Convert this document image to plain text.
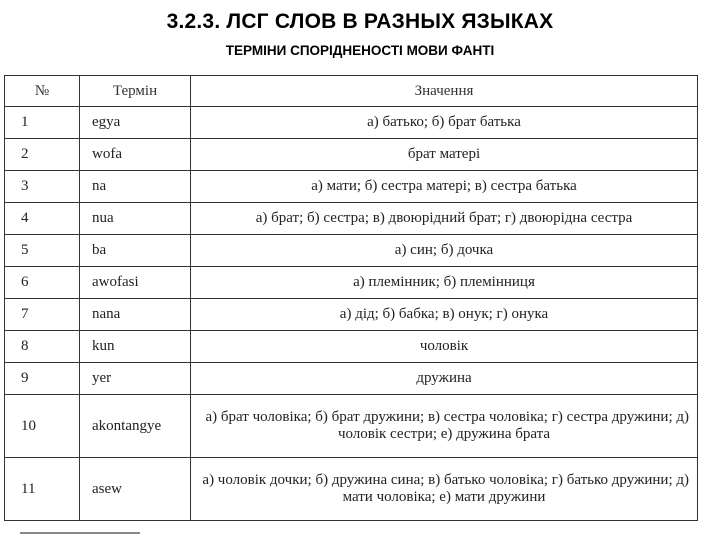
3.2.3. ЛСГ СЛОВ В РАЗНЫХ ЯЗЫКАХ
ТЕРМІНИ СПОРІДНЕНОСТІ МОВИ ФАНТІ
№	Термін	Значення
1	egya	а) батько; б) брат батька

2	wofa	брат матері

3	na	а) мати; б) сестра матері; в) сестра батька

4	nua	а) брат; б) сестра; в) двоюрідний брат; г) двоюрідна сестра

5	ba	а) син; б) дочка

6	awofasi	а) племінник; б) племінниця

7	nana	а) дід; б) бабка; в) онук; г) онука

8	kun	чоловік

9	yer	дружина

10	akontangye	а) брат чоловіка; б) брат дружини; в) сестра чоловіка; г) сестра дружини; д)
чоловік сестри; е) дружина брата

11	asew	а) чоловік дочки; б) дружина сина; в) батько чоловіка; г) батько дружини; д)
мати чоловіка; е) мати дружини
